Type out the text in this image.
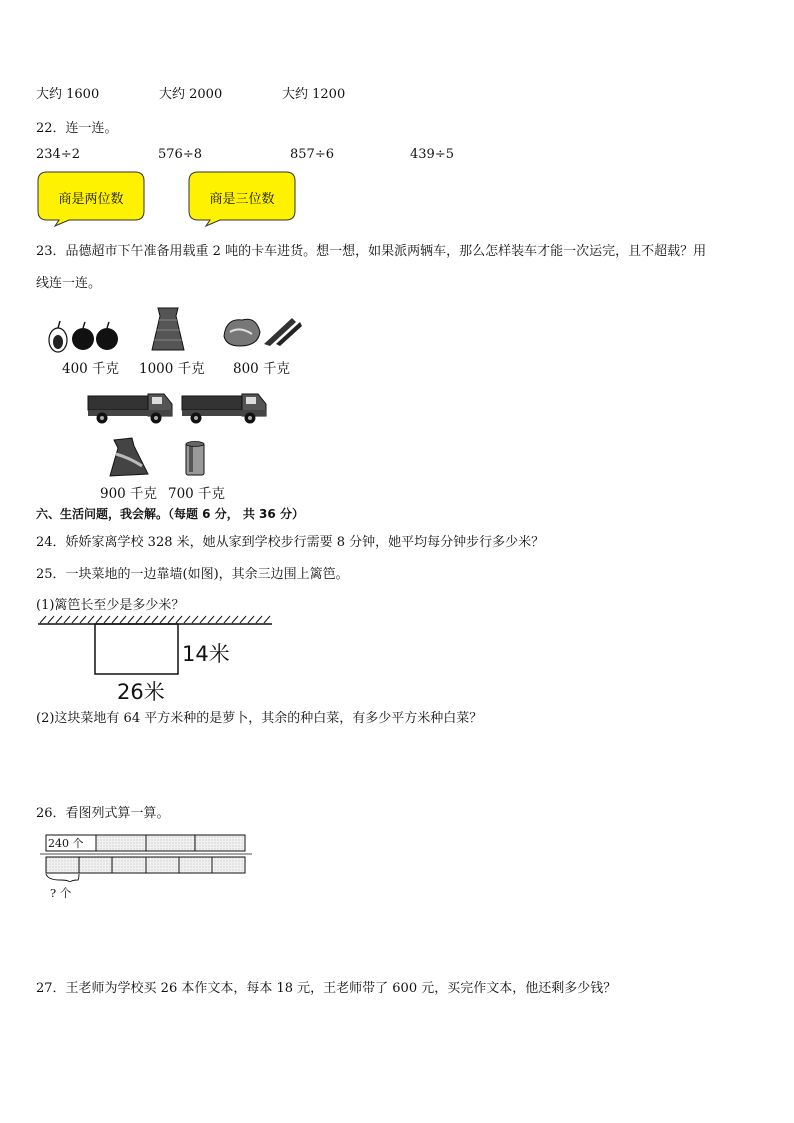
大约 1600	大约 2000	大约 1200
22．连一连。
234÷2	576÷8	857÷6	439÷5
商是两位数	商是三位数
23．品德超市下午准备用载重 2 吨的卡车进货。想一想，如果派两辆车，那么怎样装车才能一次运完，且不超载？用
线连一连。
400 千克 1000 千克 800 千克
900 千克 700 千克
六、生活问题，我会解。（每题 6 分， 共 36 分）
24．娇娇家离学校 328 米，她从家到学校步行需要 8 分钟，她平均每分钟步行多少米？
25．一块菜地的一边靠墙(如图)，其余三边围上篱笆。
(1)篱笆长至少是多少米？
14米
26米
(2)这块菜地有 64 平方米种的是萝卜，其余的种白菜，有多少平方米种白菜？
26．看图列式算一算。
240 个
? 个
27．王老师为学校买 26 本作文本，每本 18 元，王老师带了 600 元，买完作文本，他还剩多少钱？
